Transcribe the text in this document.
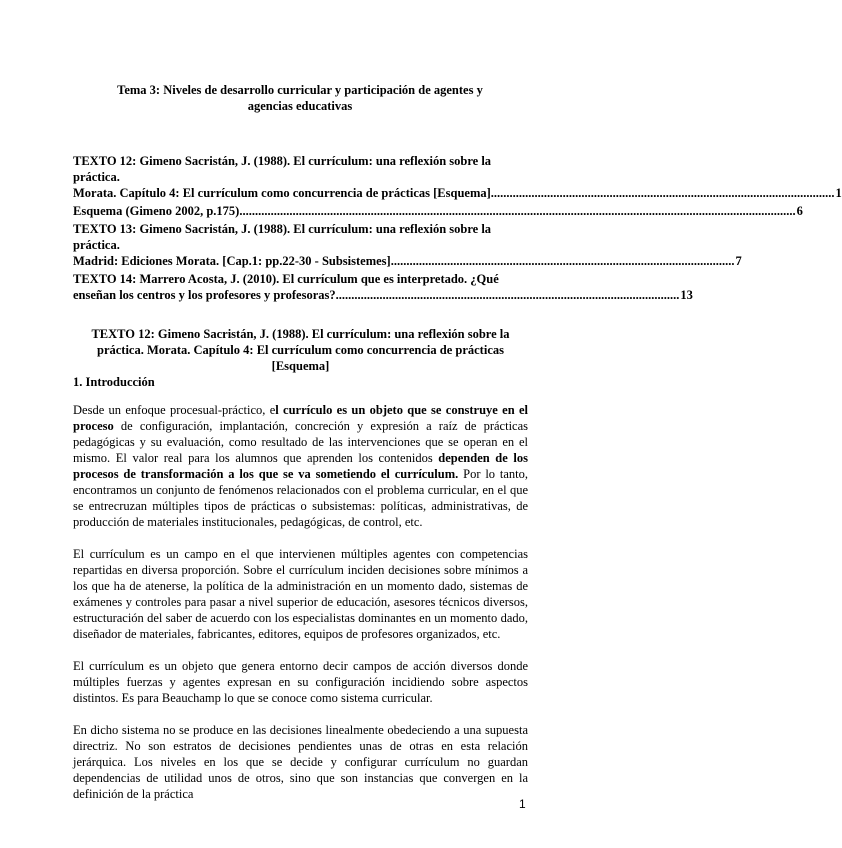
Tema 3: Niveles de desarrollo curricular y participación de agentes y agencias educativas
TEXTO 12: Gimeno Sacristán, J. (1988). El currículum: una reflexión sobre la práctica.
Morata. Capítulo 4: El currículum como concurrencia de prácticas [Esquema] .............................................................................................................. 1
Esquema (Gimeno 2002, p.175) .................................................................................................................................................................................. 6
TEXTO 13: Gimeno Sacristán, J. (1988). El currículum: una reflexión sobre la práctica.
Madrid: Ediciones Morata. [Cap.1: pp.22-30 - Subsistemes] .............................................................................................................. 7
TEXTO 14: Marrero Acosta, J. (2010). El currículum que es interpretado. ¿Qué
enseñan los centros y los profesores y profesoras? .............................................................................................................. 13
TEXTO 12: Gimeno Sacristán, J. (1988). El currículum: una reflexión sobre la práctica. Morata. Capítulo 4: El currículum como concurrencia de prácticas [Esquema]
1. Introducción

Desde un enfoque procesual-práctico, el currículo es un objeto que se construye en el proceso de configuración, implantación, concreción y expresión a raíz de prácticas pedagógicas y su evaluación, como resultado de las intervenciones que se operan en el mismo. El valor real para los alumnos que aprenden los contenidos dependen de los procesos de transformación a los que se va sometiendo el currículum. Por lo tanto, encontramos un conjunto de fenómenos relacionados con el problema curricular, en el que se entrecruzan múltiples tipos de prácticas o subsistemas: políticas, administrativas, de producción de materiales institucionales, pedagógicas, de control, etc.

El currículum es un campo en el que intervienen múltiples agentes con competencias repartidas en diversa proporción. Sobre el currículum inciden decisiones sobre mínimos a los que ha de atenerse, la política de la administración en un momento dado, sistemas de exámenes y controles para pasar a nivel superior de educación, asesores técnicos diversos, estructuración del saber de acuerdo con los especialistas dominantes en un momento dado, diseñador de materiales, fabricantes, editores, equipos de profesores organizados, etc.

El currículum es un objeto que genera entorno decir campos de acción diversos donde múltiples fuerzas y agentes expresan en su configuración incidiendo sobre aspectos distintos. Es para Beauchamp lo que se conoce como sistema curricular.

En dicho sistema no se produce en las decisiones linealmente obedeciendo a una supuesta directriz. No son estratos de decisiones pendientes unas de otras en esta relación jerárquica. Los niveles en los que se decide y configurar currículum no guardan dependencias de utilidad unos de otros, sino que son instancias que convergen en la definición de la práctica

1
